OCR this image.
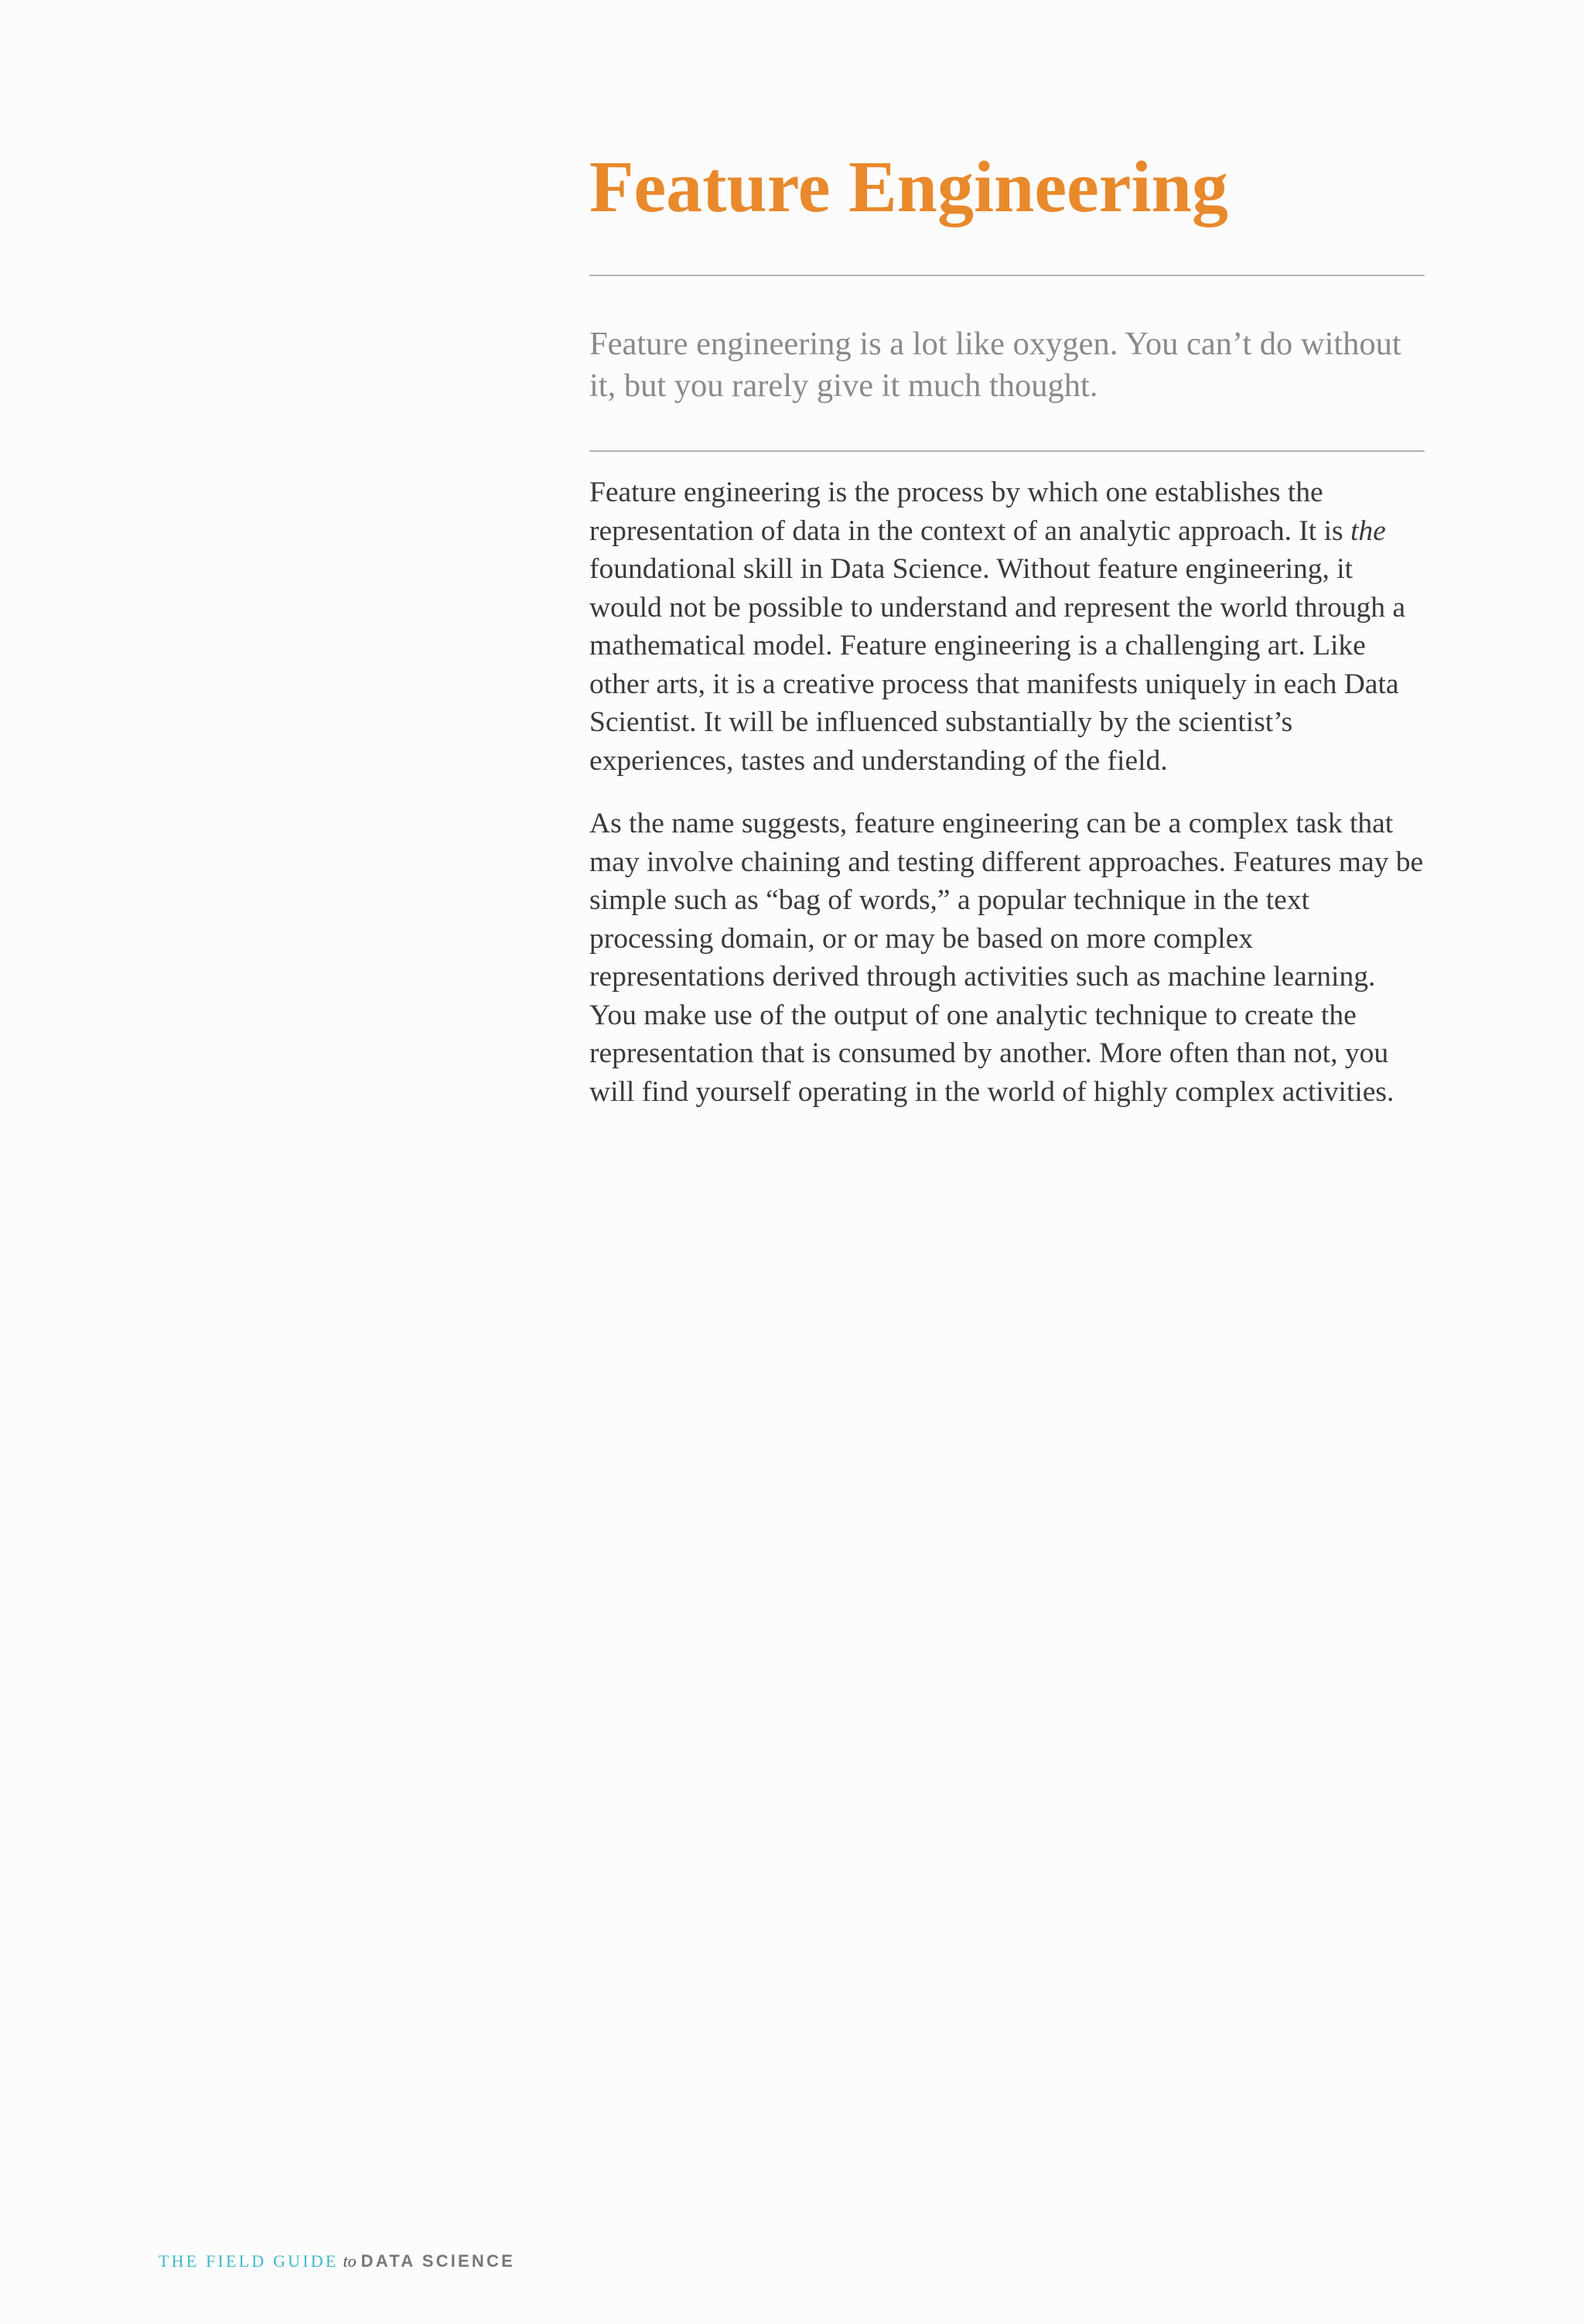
Feature Engineering

Feature engineering is a lot like oxygen. You can’t do without it, but you rarely give it much thought.

Feature engineering is the process by which one establishes the representation of data in the context of an analytic approach. It is the foundational skill in Data Science. Without feature engineering, it would not be possible to understand and represent the world through a mathematical model. Feature engineering is a challenging art. Like other arts, it is a creative process that manifests uniquely in each Data Scientist. It will be influenced substantially by the scientist’s experiences, tastes and understanding of the field.

As the name suggests, feature engineering can be a complex task that may involve chaining and testing different approaches. Features may be simple such as “bag of words,” a popular technique in the text processing domain, or or may be based on more complex representations derived through activities such as machine learning. You make use of the output of one analytic technique to create the representation that is consumed by another. More often than not, you will find yourself operating in the world of highly complex activities.

THE FIELD GUIDE to DATA SCIENCE
